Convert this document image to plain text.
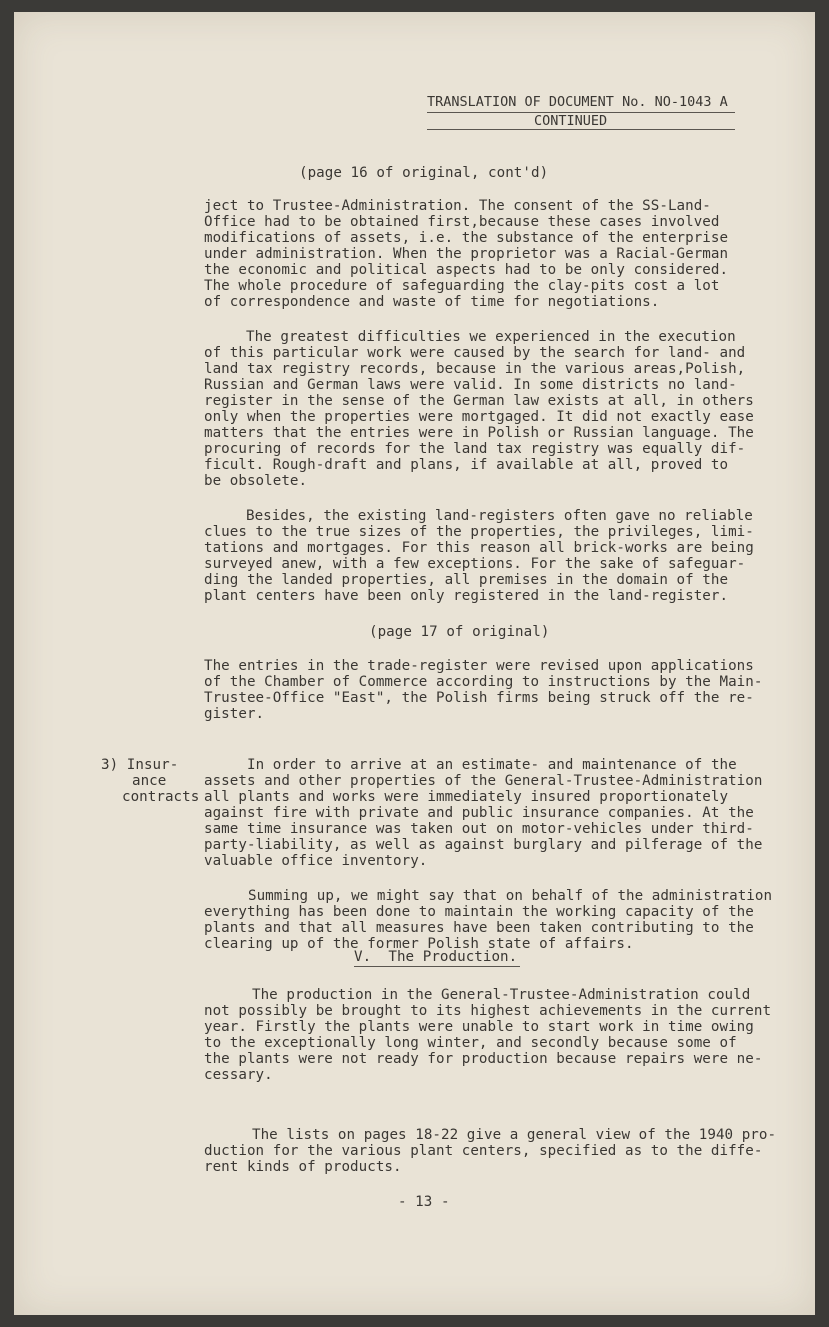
TRANSLATION OF DOCUMENT No. NO-1043 A
CONTINUED
(page 16 of original, cont'd)
ject to Trustee-Administration. The consent of the SS-Land-
Office had to be obtained first,because these cases involved
modifications of assets, i.e. the substance of the enterprise
under administration. When the proprietor was a Racial-German
the economic and political aspects had to be only considered.
The whole procedure of safeguarding the clay-pits cost a lot
of correspondence and waste of time for negotiations.
The greatest difficulties we experienced in the execution
of this particular work were caused by the search for land- and
land tax registry records, because in the various areas,Polish,
Russian and German laws were valid. In some districts no land-
register in the sense of the German law exists at all, in others
only when the properties were mortgaged. It did not exactly ease
matters that the entries were in Polish or Russian language. The
procuring of records for the land tax registry was equally dif-
ficult. Rough-draft and plans, if available at all, proved to
be obsolete.
Besides, the existing land-registers often gave no reliable
clues to the true sizes of the properties, the privileges, limi-
tations and mortgages. For this reason all brick-works are being
surveyed anew, with a few exceptions. For the sake of safeguar-
ding the landed properties, all premises in the domain of the
plant centers have been only registered in the land-register.
(page 17 of original)
The entries in the trade-register were revised upon applications
of the Chamber of Commerce according to instructions by the Main-
Trustee-Office "East", the Polish firms being struck off the re-
gister.
3) Insur-
ance
contracts
In order to arrive at an estimate- and maintenance of the
assets and other properties of the General-Trustee-Administration
all plants and works were immediately insured proportionately
against fire with private and public insurance companies. At the
same time insurance was taken out on motor-vehicles under third-
party-liability, as well as against burglary and pilferage of the
valuable office inventory.
Summing up, we might say that on behalf of the administration
everything has been done to maintain the working capacity of the
plants and that all measures have been taken contributing to the
clearing up of the former Polish state of affairs.
V.  The Production.
The production in the General-Trustee-Administration could
not possibly be brought to its highest achievements in the current
year. Firstly the plants were unable to start work in time owing
to the exceptionally long winter, and secondly because some of
the plants were not ready for production because repairs were ne-
cessary.
The lists on pages 18-22 give a general view of the 1940 pro-
duction for the various plant centers, specified as to the diffe-
rent kinds of products.
- 13 -
